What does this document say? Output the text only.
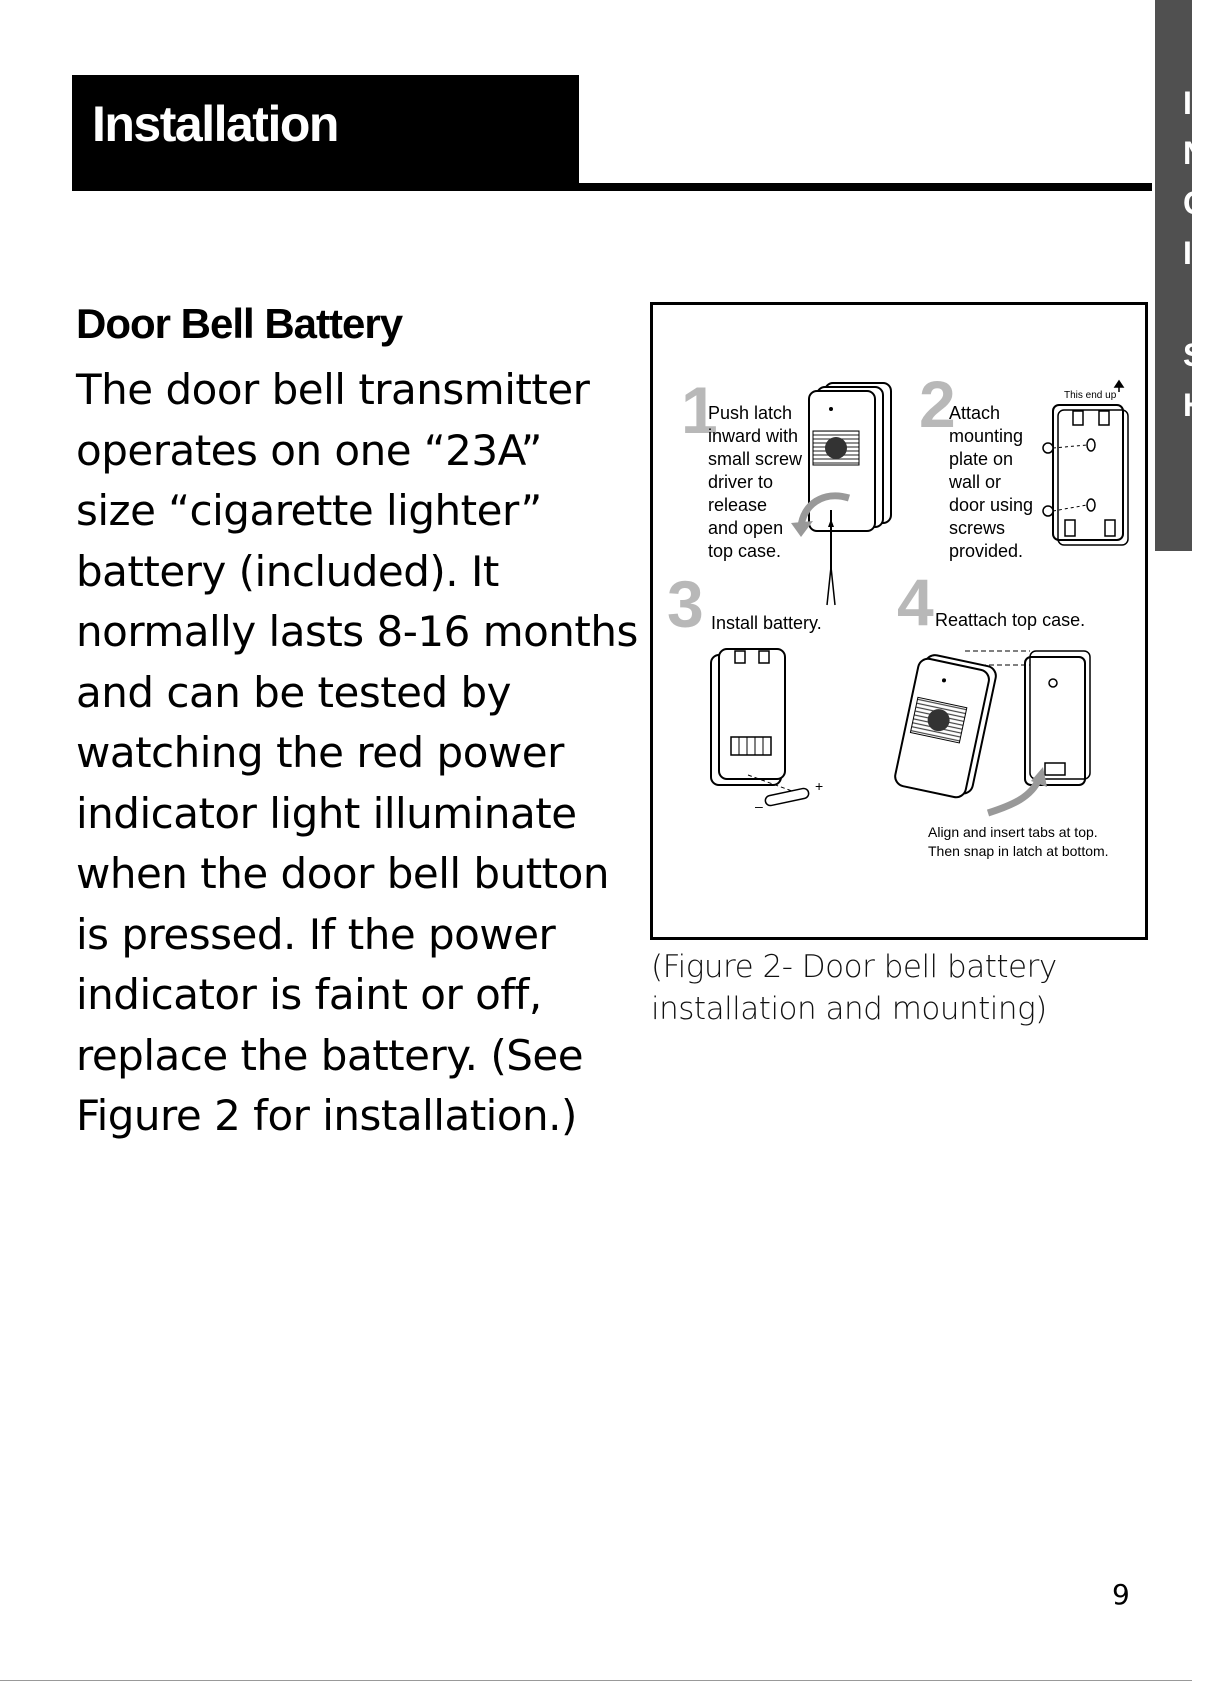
Installation	I
N
C
I
S
H
Door Bell Battery
The door bell transmitter
operates on one “23A”
size “cigarette lighter”
battery (included). It
normally lasts 8-16 months
and can be tested by
watching the red power
indicator light illuminate
when the door bell button
is pressed. If the power
indicator is faint or off,
replace the battery. (See
Figure 2 for installation.)
1
Push latch
inward with
small screw
driver to
release
and open
top case.
2
Attach
mounting
plate on
wall or
door using
screws
provided.
This end up
3 Install battery.
–
+
4 Reattach top case.
Align and insert tabs at top.
Then snap in latch at bottom.
(Figure 2- Door bell battery
installation and mounting)
9
